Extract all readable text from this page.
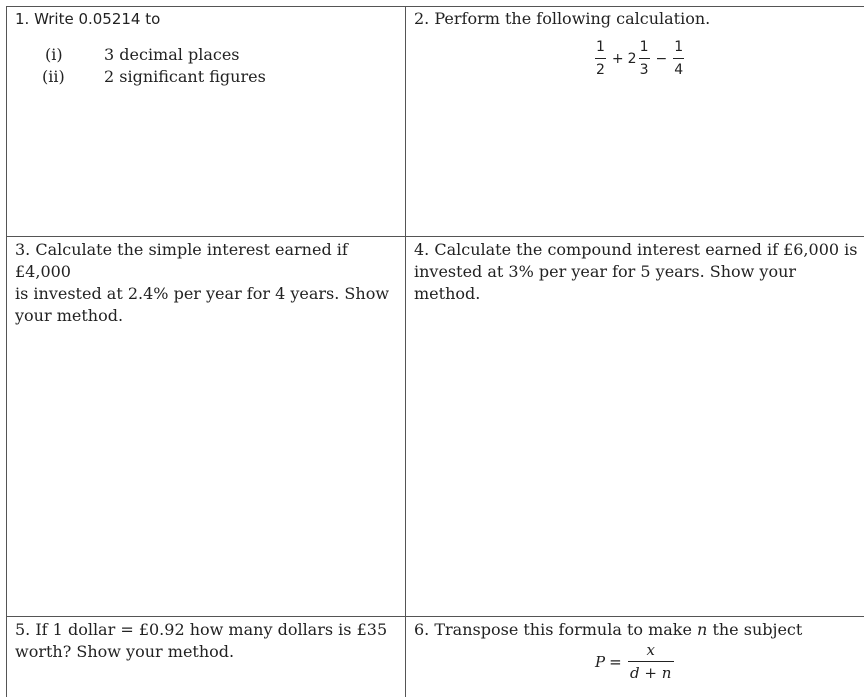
1. Write 0.05214 to

(i)	3 decimal places
(ii)	2 significant figures

2. Perform the following calculation.

$\frac{1}{2} + 2 \frac{1}{3} - \frac{1}{4}$
3. Calculate the simple interest earned if £4,000
is invested at 2.4% per year for 4 years. Show
your method.
4. Calculate the compound interest earned if £6,000 is
invested at 3% per year for 5 years. Show your method.
5. If 1 dollar = £0.92 how many dollars is £35
worth? Show your method.
6. Transpose this formula to make n the subject
$P = \frac{x}{d + n}$
